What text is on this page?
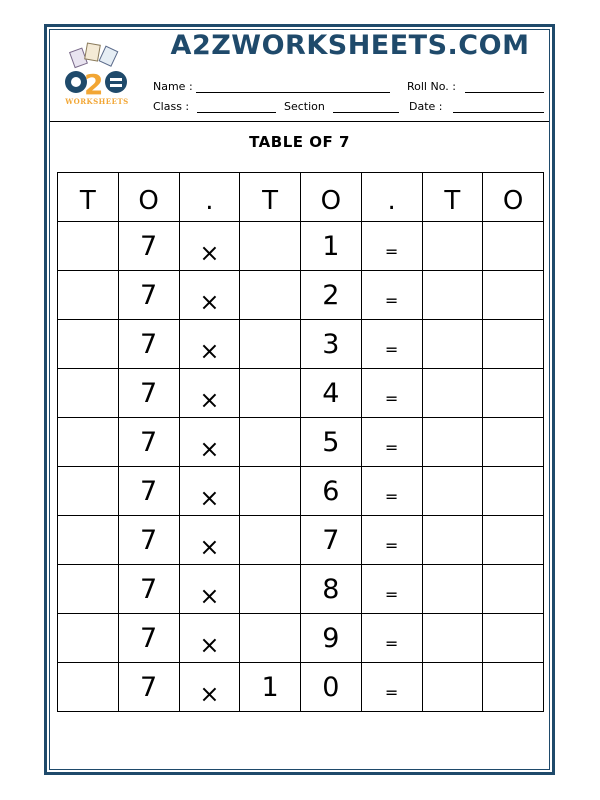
2
WORKSHEETS
A2ZWORKSHEETS.COM
Name :	Roll No. :
Class :	Section	Date :
TABLE OF 7
T	O	.	T	O	.	T	O
	7	×		1	=		
	7	×		2	=		
	7	×		3	=		
	7	×		4	=		
	7	×		5	=		
	7	×		6	=		
	7	×		7	=		
	7	×		8	=		
	7	×		9	=		
	7	×	1	0	=		
